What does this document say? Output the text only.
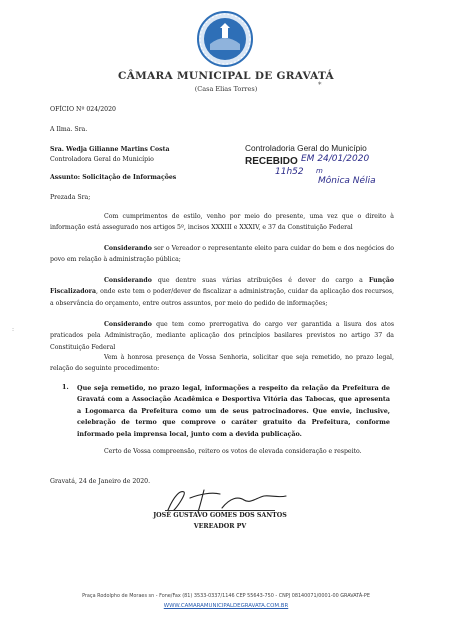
CÂMARA MUNICIPAL DE GRAVATÁ
(Casa Elias Torres)	*
OFÍCIO Nº 024/2020
A Ilma. Sra.
Sra. Wedja Gilianne Martins Costa
Controladora Geral do Município
Assunto: Solicitação de Informações
Prezada Sra;
Controladoria Geral do Município
RECEBIDO EM 24/01/2020
11h52 m
Mônica Nélia
Com cumprimentos de estilo, venho por meio do presente, uma vez que o direito à informação está assegurado nos artigos 5º, incisos XXXIII e XXXIV, e 37 da Constituição Federal
Considerando ser o Vereador o representante eleito para cuidar do bem e dos negócios do povo em relação à administração pública;
Considerando que dentre suas várias atribuições é dever do cargo a Função Fiscalizadora, onde este tem o poder/dever de fiscalizar a administração, cuidar da aplicação dos recursos, a observância do orçamento, entre outros assuntos, por meio do pedido de informações;
:
Considerando que tem como prerrogativa do cargo ver garantida a lisura dos atos praticados pela Administração, mediante aplicação dos princípios basilares previstos no artigo 37 da Constituição Federal
Vem à honrosa presença de Vossa Senhoria, solicitar que seja remetido, no prazo legal, relação do seguinte procedimento:
1. Que seja remetido, no prazo legal, informações a respeito da relação da Prefeitura de Gravatá com a Associação Acadêmica e Desportiva Vitória das Tabocas, que apresenta a Logomarca da Prefeitura como um de seus patrocinadores. Que envie, inclusive, celebração de termo que comprove o caráter gratuito da Prefeitura, conforme informado pela imprensa local, junto com a devida publicação.
Certo de Vossa compreensão, reitero os votos de elevada consideração e respeito.
Gravatá, 24 de Janeiro de 2020.
JOSÉ GUSTAVO GOMES DOS SANTOS
VEREADOR PV
Praça Rodolpho de Moraes sn - Fone/Fax (81) 3533-0337/1146 CEP 55643-750 - CNPJ 08140071/0001-00 GRAVATÁ-PE
WWW.CAMARAMUNICIPALDEGRAVATA.COM.BR
